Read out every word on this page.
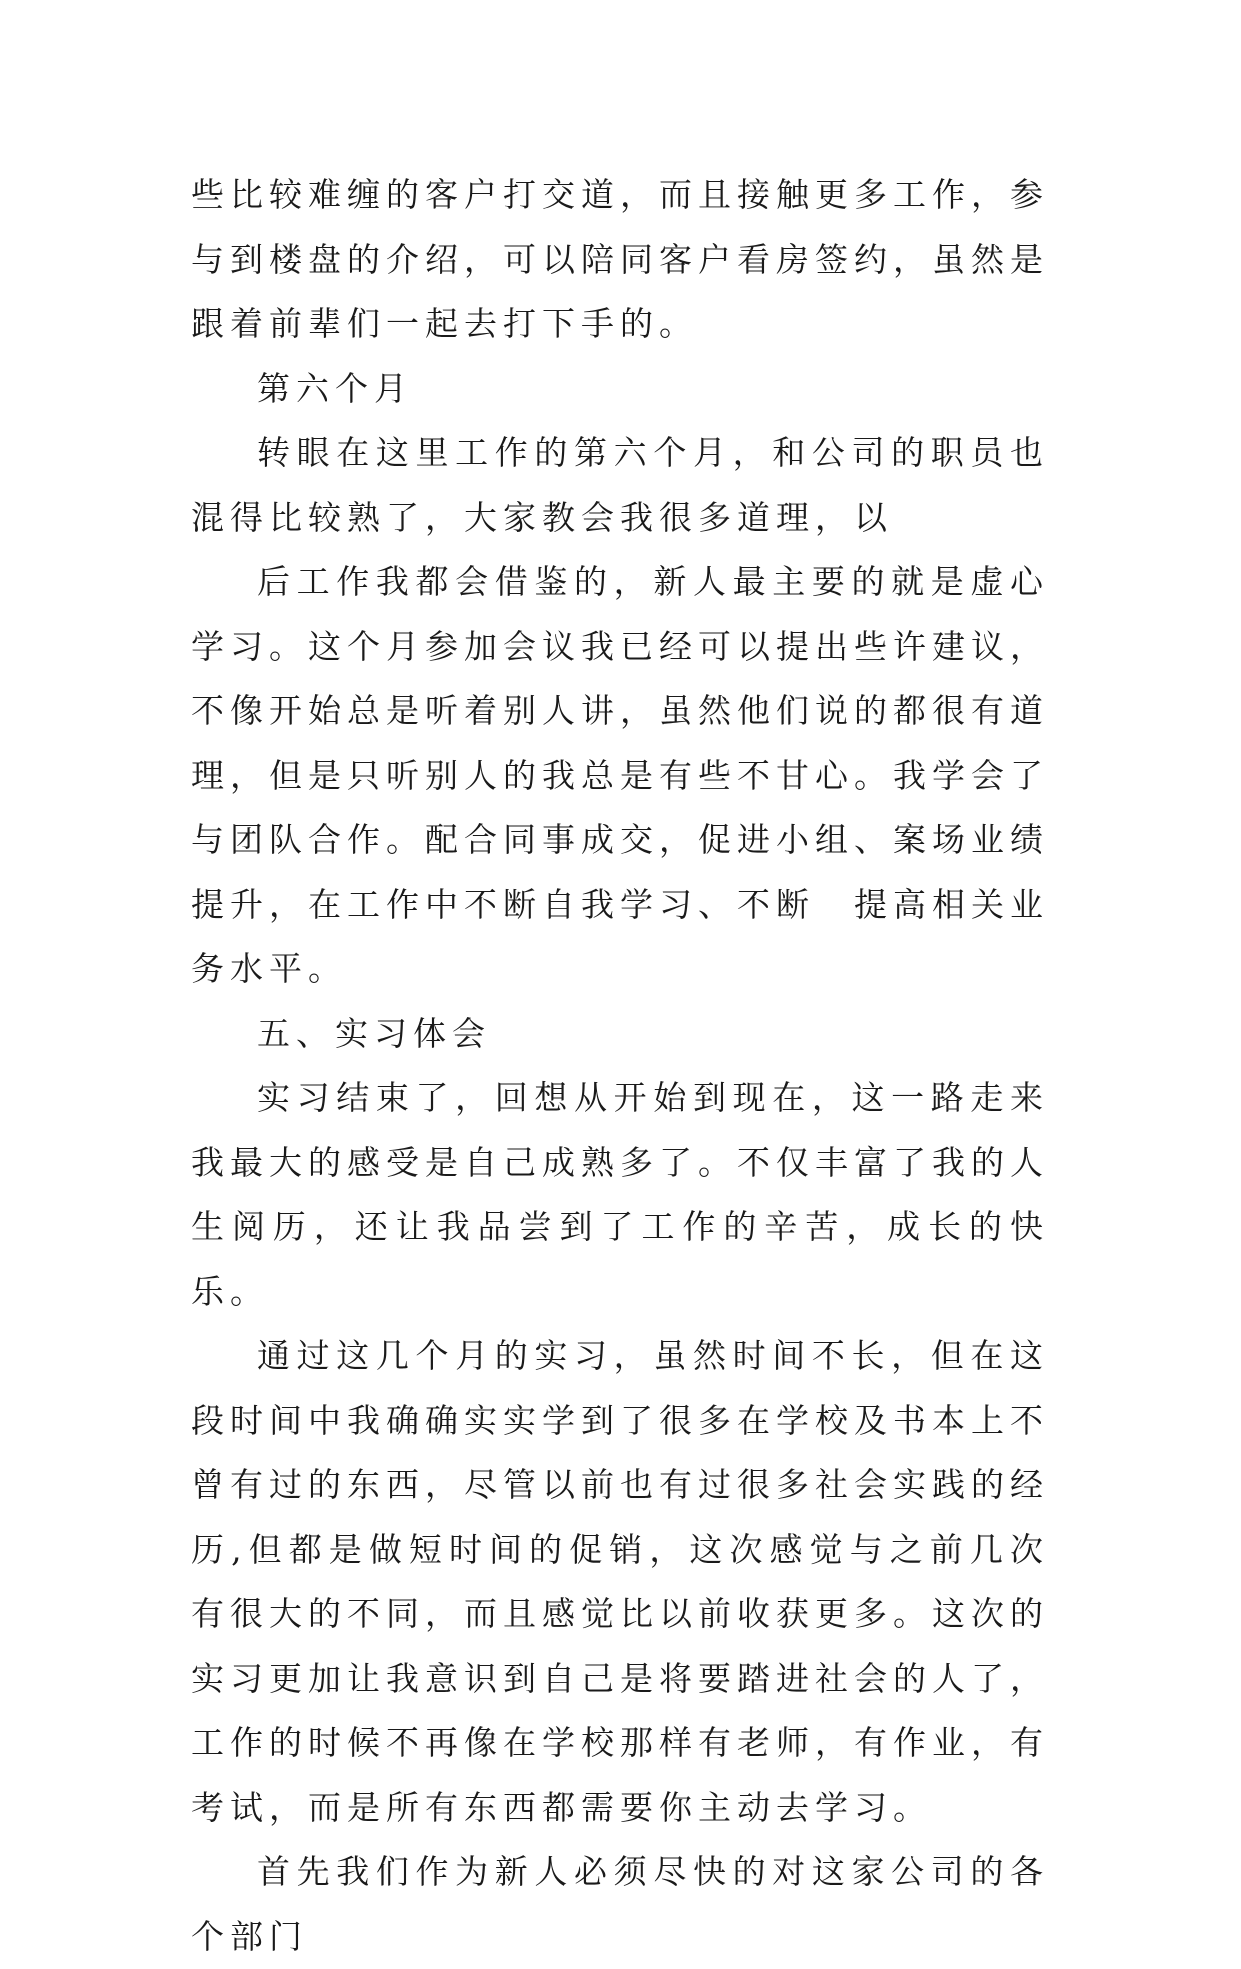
些比较难缠的客户打交道，而且接触更多工作，参与到楼盘的介绍，可以陪同客户看房签约，虽然是跟着前辈们一起去打下手的。

第六个月

转眼在这里工作的第六个月，和公司的职员也混得比较熟了，大家教会我很多道理，以

后工作我都会借鉴的，新人最主要的就是虚心学习。这个月参加会议我已经可以提出些许建议，不像开始总是听着别人讲，虽然他们说的都很有道理，但是只听别人的我总是有些不甘心。我学会了与团队合作。配合同事成交，促进小组、案场业绩提升，在工作中不断自我学习、不断　提高相关业务水平。

五、实习体会

实习结束了，回想从开始到现在，这一路走来我最大的感受是自己成熟多了。不仅丰富了我的人生阅历，还让我品尝到了工作的辛苦，成长的快乐。

通过这几个月的实习，虽然时间不长，但在这段时间中我确确实实学到了很多在学校及书本上不曾有过的东西，尽管以前也有过很多社会实践的经历,但都是做短时间的促销，这次感觉与之前几次有很大的不同，而且感觉比以前收获更多。这次的实习更加让我意识到自己是将要踏进社会的人了，工作的时候不再像在学校那样有老师，有作业，有考试，而是所有东西都需要你主动去学习。

首先我们作为新人必须尽快的对这家公司的各个部门
